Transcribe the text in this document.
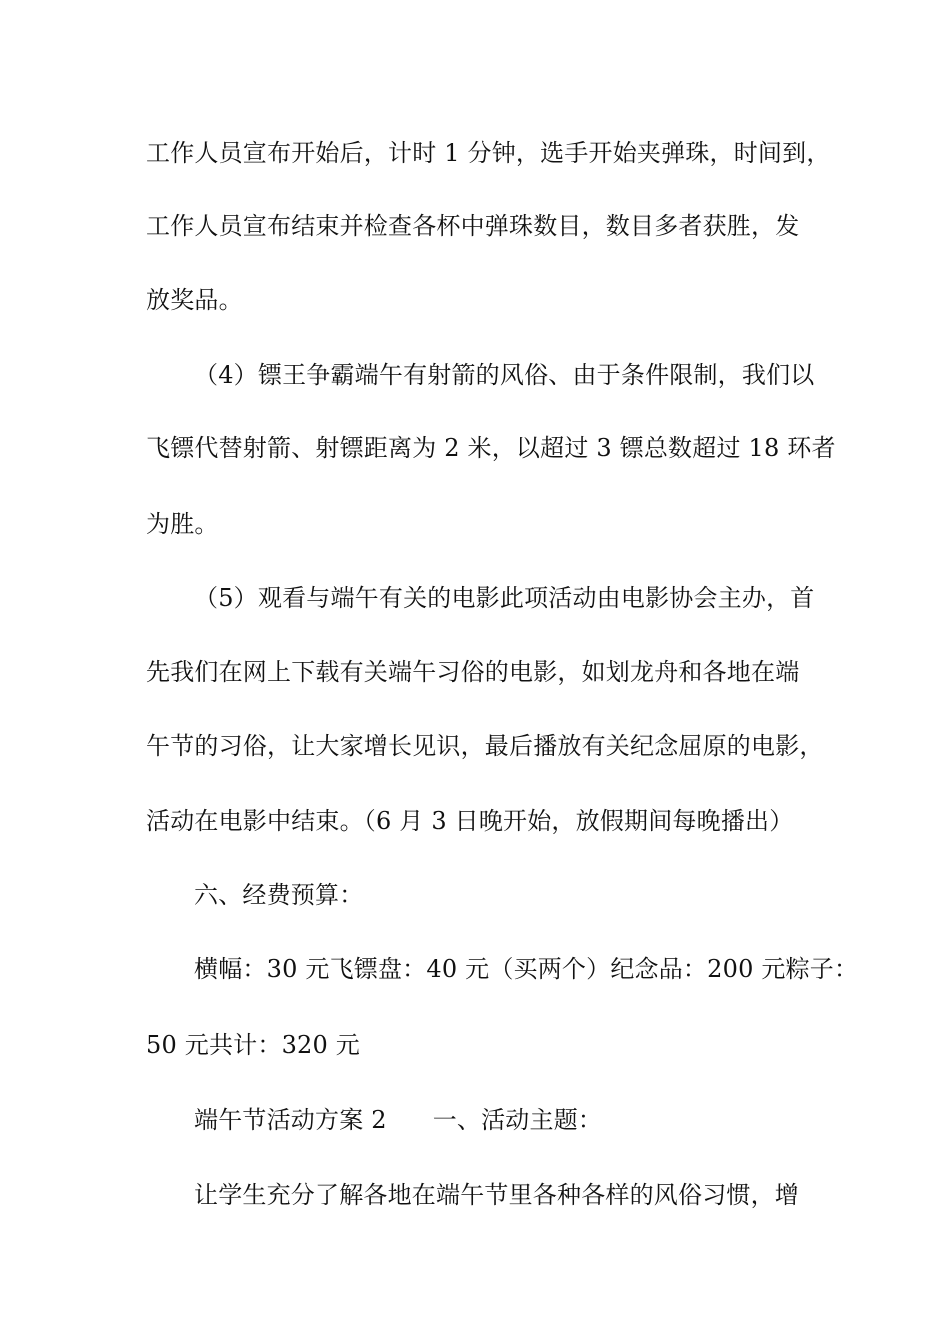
工作人员宣布开始后，计时 1 分钟，选手开始夹弹珠，时间到，
工作人员宣布结束并检查各杯中弹珠数目，数目多者获胜，发
放奖品。
（4）镖王争霸端午有射箭的风俗、由于条件限制，我们以
飞镖代替射箭、射镖距离为 2 米，以超过 3 镖总数超过 18 环者
为胜。
（5）观看与端午有关的电影此项活动由电影协会主办，首
先我们在网上下载有关端午习俗的电影，如划龙舟和各地在端
午节的习俗，让大家增长见识，最后播放有关纪念屈原的电影，
活动在电影中结束。（6 月 3 日晚开始，放假期间每晚播出）
六、经费预算：
横幅：30 元飞镖盘：40 元（买两个）纪念品：200 元粽子：
50 元共计：320 元
端午节活动方案 2 一、活动主题：
让学生充分了解各地在端午节里各种各样的风俗习惯，增
